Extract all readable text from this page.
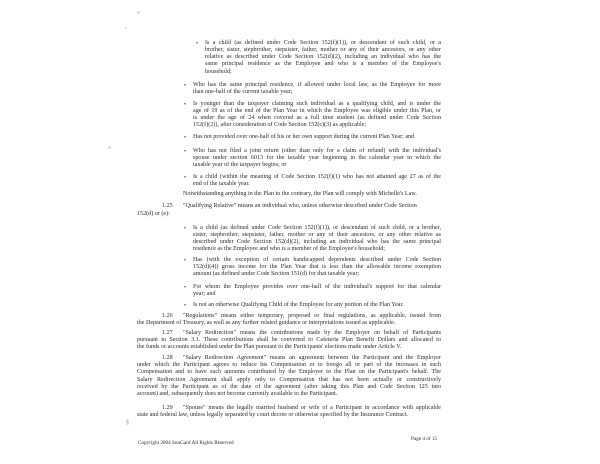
• Is a child (as defined under Code Section 152(f)(1)), or descendant of such child, or a
brother, sister, stepbrother, stepsister, father, mother or any of their ancestors, or any other
relative as described under Code Section 152(d)(2), including an individual who has the
same principal residence as the Employee and who is a member of the Employee's
household;
• Who has the same principal residence, if allowed under local law, as the Employee for more
than one-half of the current taxable year;
• Is younger than the taxpayer claiming such individual as a qualifying child, and is under the
age of 19 as of the end of the Plan Year in which the Employee was eligible under this Plan, or
is under the age of 24 when covered as a full time student (as defined under Code Section
152(f)(2)), after consideration of Code Section 152(c)(3) as applicable;
• Has not provided over one-half of his or her own support during the current Plan Year; and
• Who has not filed a joint return (other than only for a claim of refund) with the individual's
spouse under section 6013 for the taxable year beginning in the calendar year in which the
taxable year of the taxpayer begins; or
• Is a child (within the meaning of Code Section 152(f)(1) who has not attained age 27 as of the
end of the taxable year.
Notwithstanding anything in the Plan to the contrary, the Plan will comply with Michelle's Law.
1.25 "Qualifying Relative" means an individual who, unless otherwise described under Code Section
152(d) or (e):
• Is a child (as defined under Code Section 152(f)(1)), or descendant of such child, or a brother,
sister, stepbrother, stepsister, father, mother or any of their ancestors, or any other relative as
described under Code Section 152(d)(2), including an individual who has the same principal
residence as the Employee and who is a member of the Employee's household;
• Has (with the exception of certain handicapped dependents described under Code Section
152(d)(4)) gross income for the Plan Year that is less than the allowable income exemption
amount (as defined under Code Section 151(d) for that taxable year;
• For whom the Employee provides over one-half of the individual's support for that calendar
year; and
• Is not an otherwise Qualifying Child of the Employee for any portion of the Plan Year.
1.26 "Regulations" means either temporary, proposed or final regulations, as applicable, issued from
the Department of Treasury, as well as any further related guidance or interpretations issued as applicable.
1.27 "Salary Redirection" means the contributions made by the Employer on behalf of Participants
pursuant to Section 3.1. These contributions shall be converted to Cafeteria Plan Benefit Dollars and allocated to
the funds or accounts established under the Plan pursuant to the Participants' elections made under Article V.
1.28 "Salary Redirection Agreement" means an agreement between the Participant and the Employer
under which the Participant agrees to reduce his Compensation or to forego all or part of the increases in such
Compensation and to have such amounts contributed by the Employer to the Plan on the Participant's behalf. The
Salary Redirection Agreement shall apply only to Compensation that has not been actually or constructively
received by the Participant as of the date of the agreement (after taking this Plan and Code Section 125 into
account) and, subsequently does not become currently available to the Participant.
1.29 "Spouse" means the legally married husband or wife of a Participant in accordance with applicable
state and federal law, unless legally separated by court decree or otherwise specified by the Insurance Contract.
Copyright 2004 SunGard All Rights Reserved
Page 4 of 15
